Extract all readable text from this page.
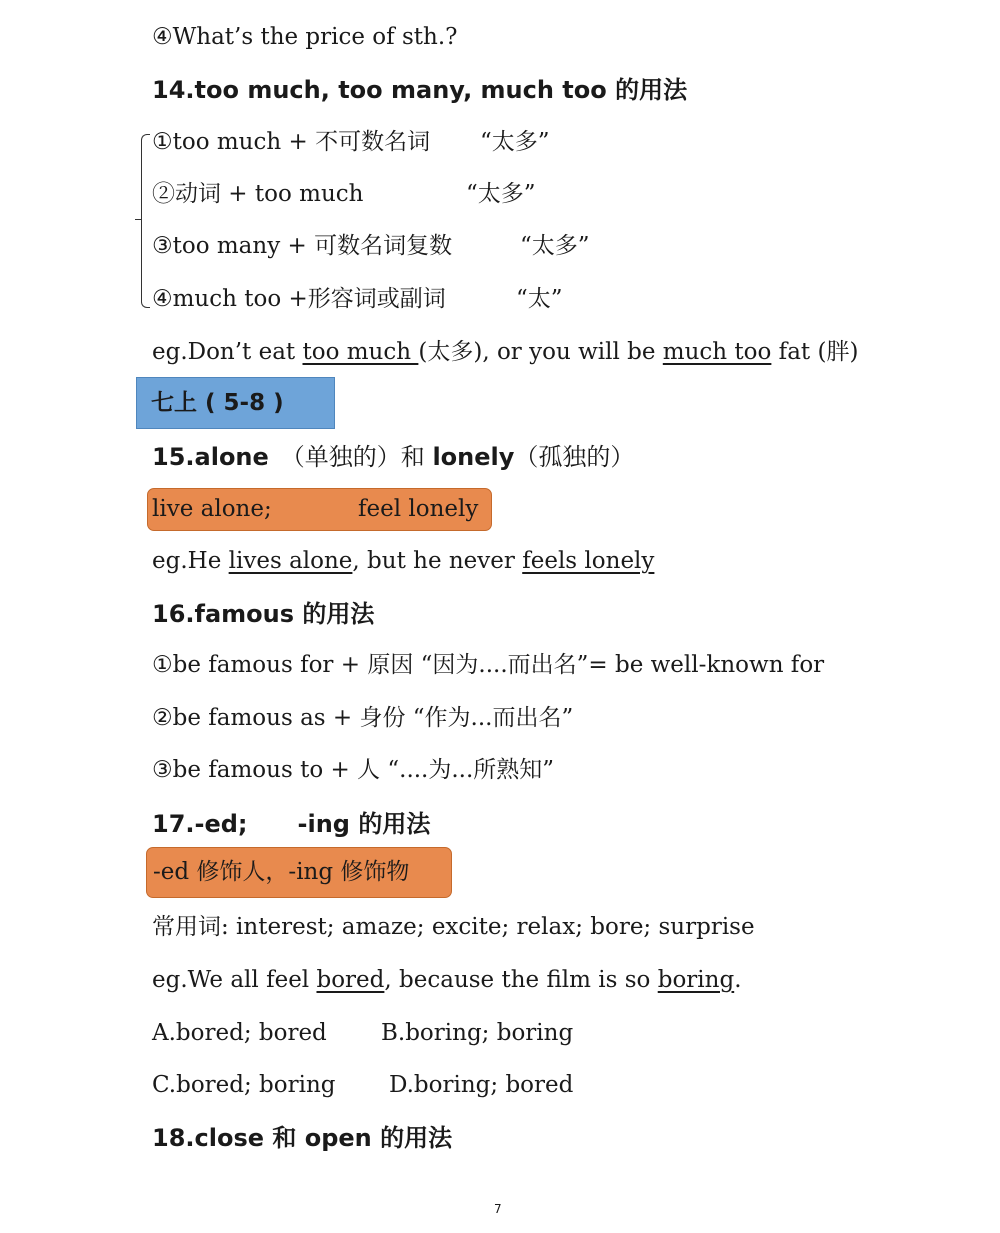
④What’s the price of sth.?
14.too much, too many, much too 的用法
①too much + 不可数名词 “太多”
②动词 + too much	“太多”
③too many + 可数名词复数	“太多”
④much too +形容词或副词	“太”
eg.Don’t eat too much (太多), or you will be much too fat (胖)
七上 ( 5-8 )
15.alone （单独的）和 lonely（孤独的）
live alone;	feel lonely
eg.He lives alone, but he never feels lonely
16.famous 的用法
①be famous for + 原因 “因为....而出名”= be well-known for
②be famous as + 身份 “作为...而出名”
③be famous to + 人 “....为...所熟知”
17.-ed; -ing 的用法
-ed 修饰人，-ing 修饰物
常用词: interest; amaze; excite; relax; bore; surprise
eg.We all feel bored, because the film is so boring.
A.bored; bored B.boring; boring
C.bored; boring D.boring; bored
18.close 和 open 的用法
7
